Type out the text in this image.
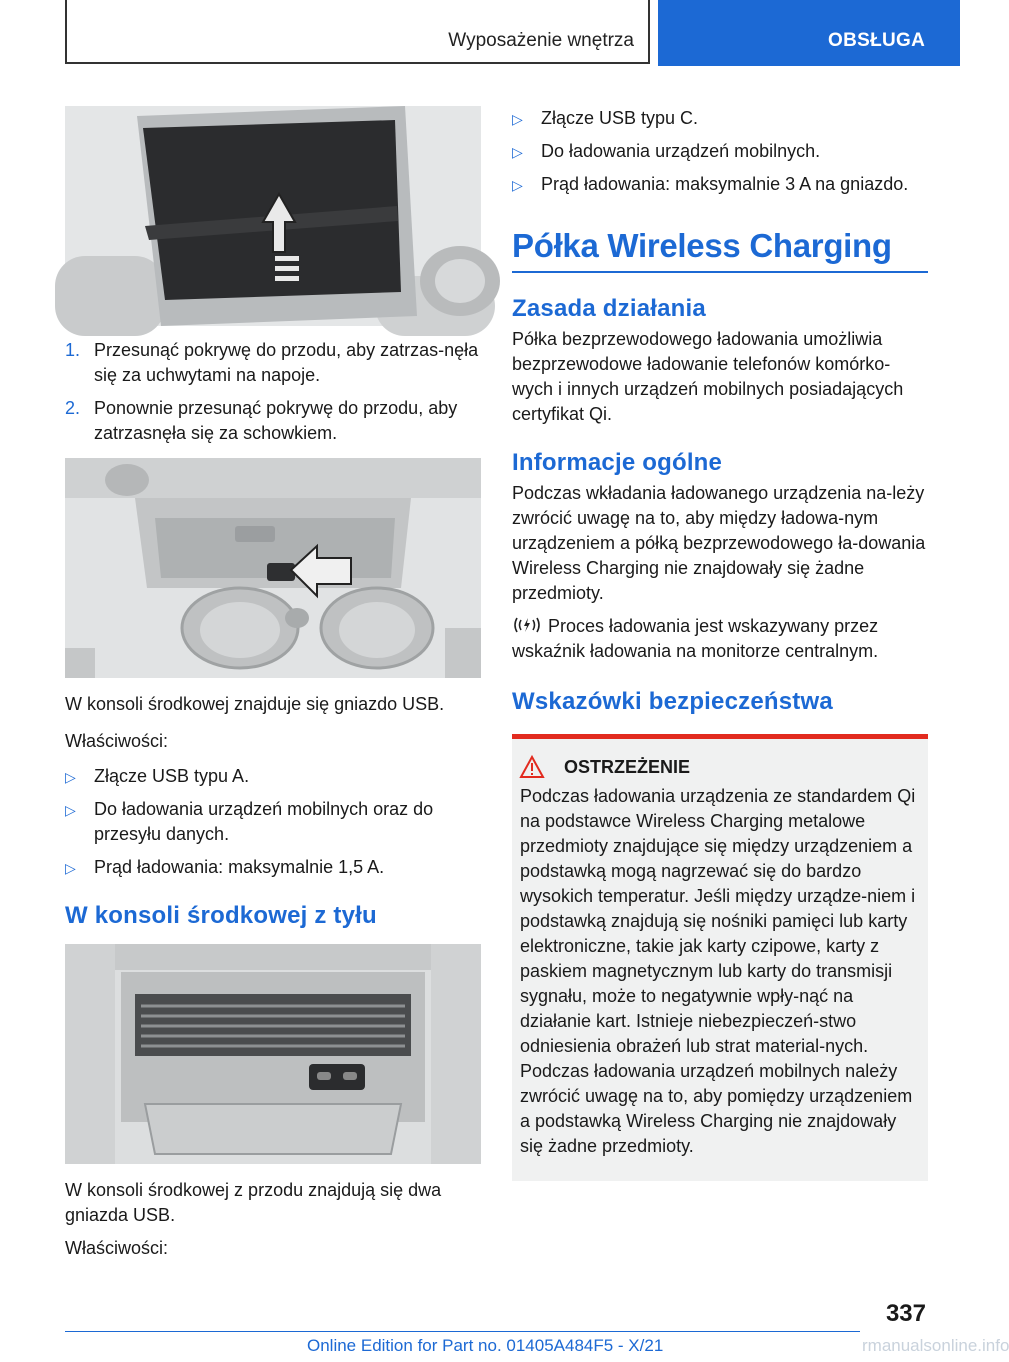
Wyposażenie wnętrza	OBSŁUGA
1. Przesunąć pokrywę do przodu, aby zatrzas-nęła się za uchwytami na napoje.
2. Ponownie przesunąć pokrywę do przodu, aby zatrzasnęła się za schowkiem.

W konsoli środkowej znajduje się gniazdo USB.

Właściwości:

▷ Złącze USB typu A.
▷ Do ładowania urządzeń mobilnych oraz do przesyłu danych.
▷ Prąd ładowania: maksymalnie 1,5 A.
W konsoli środkowej z tyłu

W konsoli środkowej z przodu znajdują się dwa gniazda USB.

Właściwości:

▷ Złącze USB typu C.
▷ Do ładowania urządzeń mobilnych.
▷ Prąd ładowania: maksymalnie 3 A na gniazdo.
Półka Wireless Charging
Zasada działania

Półka bezprzewodowego ładowania umożliwia bezprzewodowe ładowanie telefonów komórko-wych i innych urządzeń mobilnych posiadających certyfikat Qi.

Informacje ogólne

Podczas wkładania ładowanego urządzenia na-leży zwrócić uwagę na to, aby między ładowa-nym urządzeniem a półką bezprzewodowego ła-dowania Wireless Charging nie znajdowały się żadne przedmioty.

Proces ładowania jest wskazywany przez wskaźnik ładowania na monitorze centralnym.

Wskazówki bezpieczeństwa
OSTRZEŻENIE

Podczas ładowania urządzenia ze standardem Qi na podstawce Wireless Charging metalowe przedmioty znajdujące się między urządzeniem a podstawką mogą nagrzewać się do bardzo wysokich temperatur. Jeśli między urządze-niem i podstawką znajdują się nośniki pamięci lub karty elektroniczne, takie jak karty czipowe, karty z paskiem magnetycznym lub karty do transmisji sygnału, może to negatywnie wpły-nąć na działanie kart. Istnieje niebezpieczeń-stwo odniesienia obrażeń lub strat material-nych. Podczas ładowania urządzeń mobilnych należy zwrócić uwagę na to, aby pomiędzy urządzeniem a podstawką Wireless Charging nie znajdowały się żadne przedmioty.

337
Online Edition for Part no. 01405A484F5 - X/21	rmanualsonline.info
